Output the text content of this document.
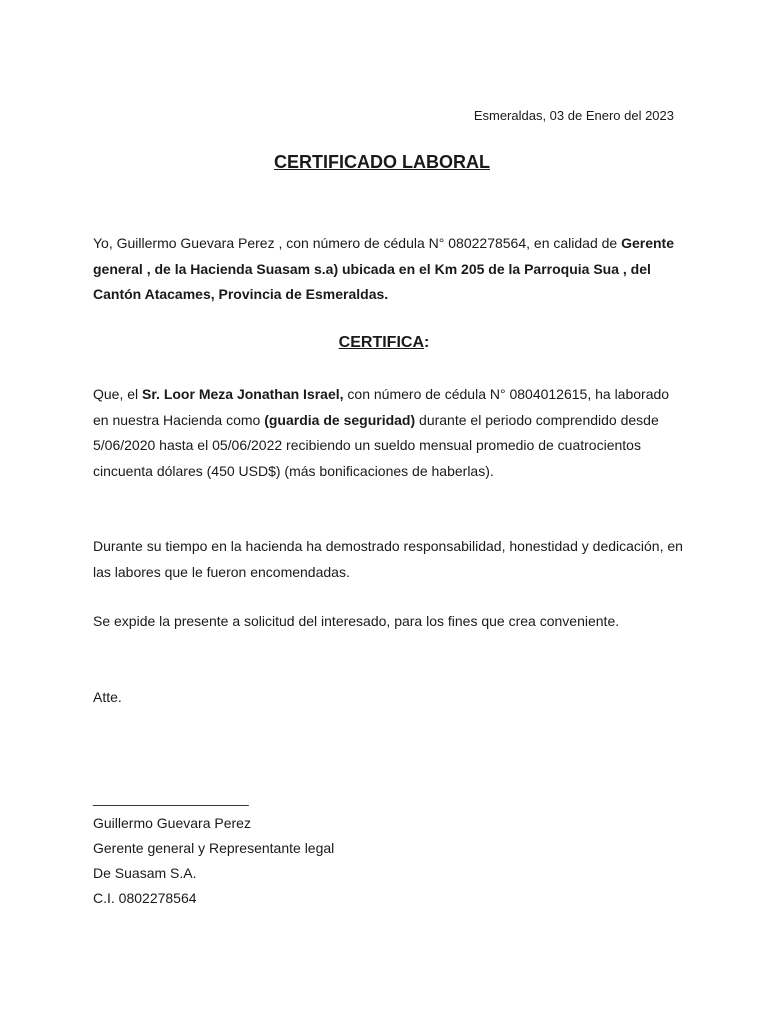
Esmeraldas, 03 de Enero del 2023
CERTIFICADO LABORAL

Yo, Guillermo Guevara Perez , con número de cédula N° 0802278564, en calidad de Gerente general , de la Hacienda Suasam s.a) ubicada en el Km 205 de la Parroquia Sua , del Cantón Atacames, Provincia de Esmeraldas.

CERTIFICA:

Que, el Sr. Loor Meza Jonathan Israel, con número de cédula N° 0804012615, ha laborado en nuestra Hacienda como (guardia de seguridad) durante el periodo comprendido desde 5/06/2020 hasta el 05/06/2022 recibiendo un sueldo mensual promedio de cuatrocientos cincuenta dólares (450 USD$) (más bonificaciones de haberlas).

Durante su tiempo en la hacienda ha demostrado responsabilidad, honestidad y dedicación, en las labores que le fueron encomendadas.

Se expide la presente a solicitud del interesado, para los fines que crea conveniente.

Atte.

____________________
Guillermo Guevara Perez
Gerente general y Representante legal
De Suasam S.A.
C.I. 0802278564
